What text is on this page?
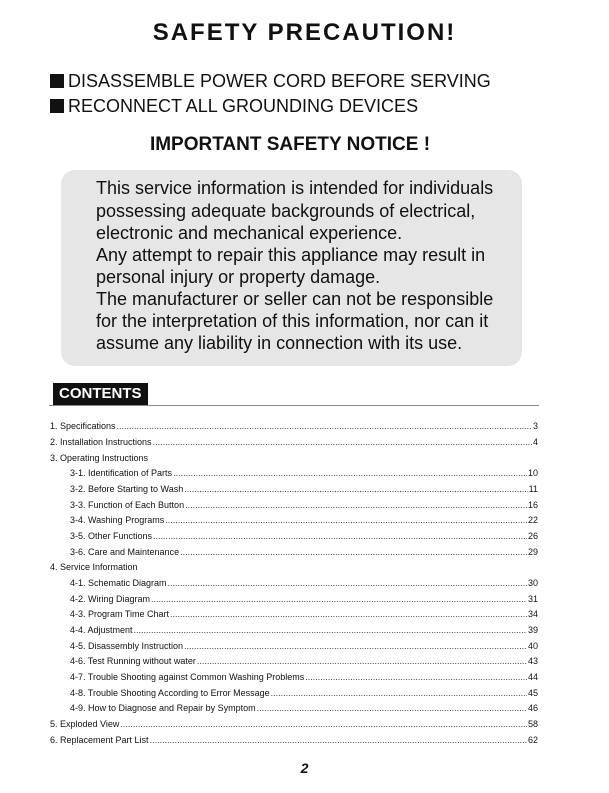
SAFETY PRECAUTION!
DISASSEMBLE POWER CORD BEFORE SERVING
RECONNECT ALL GROUNDING DEVICES
IMPORTANT SAFETY NOTICE !
This service information is intended for individuals
possessing adequate backgrounds of electrical,
electronic and mechanical experience.
Any attempt to repair this appliance may result in
personal injury or property damage.
The manufacturer or seller can not be responsible
for the interpretation of this information, nor can it
assume any liability in connection with its use.
CONTENTS
1. Specifications .....	3
2. Installation Instructions .....	4
3. Operating Instructions
3-1. Identification of Parts .....	10
3-2. Before Starting to Wash .....	11
3-3. Function of Each Button .....	16
3-4. Washing Programs .....	22
3-5. Other Functions .....	26
3-6. Care and Maintenance .....	29
4. Service Information
4-1. Schematic Diagram .....	30
4-2. Wiring Diagram .....	31
4-3. Program Time Chart .....	34
4-4. Adjustment .....	39
4-5. Disassembly Instruction .....	40
4-6. Test Running without water .....	43
4-7. Trouble Shooting against Common Washing Problems .....	44
4-8. Trouble Shooting According to Error Message .....	45
4-9. How to Diagnose and Repair by Symptom .....	46
5. Exploded View .....	58
6. Replacement Part List .....	62
2
